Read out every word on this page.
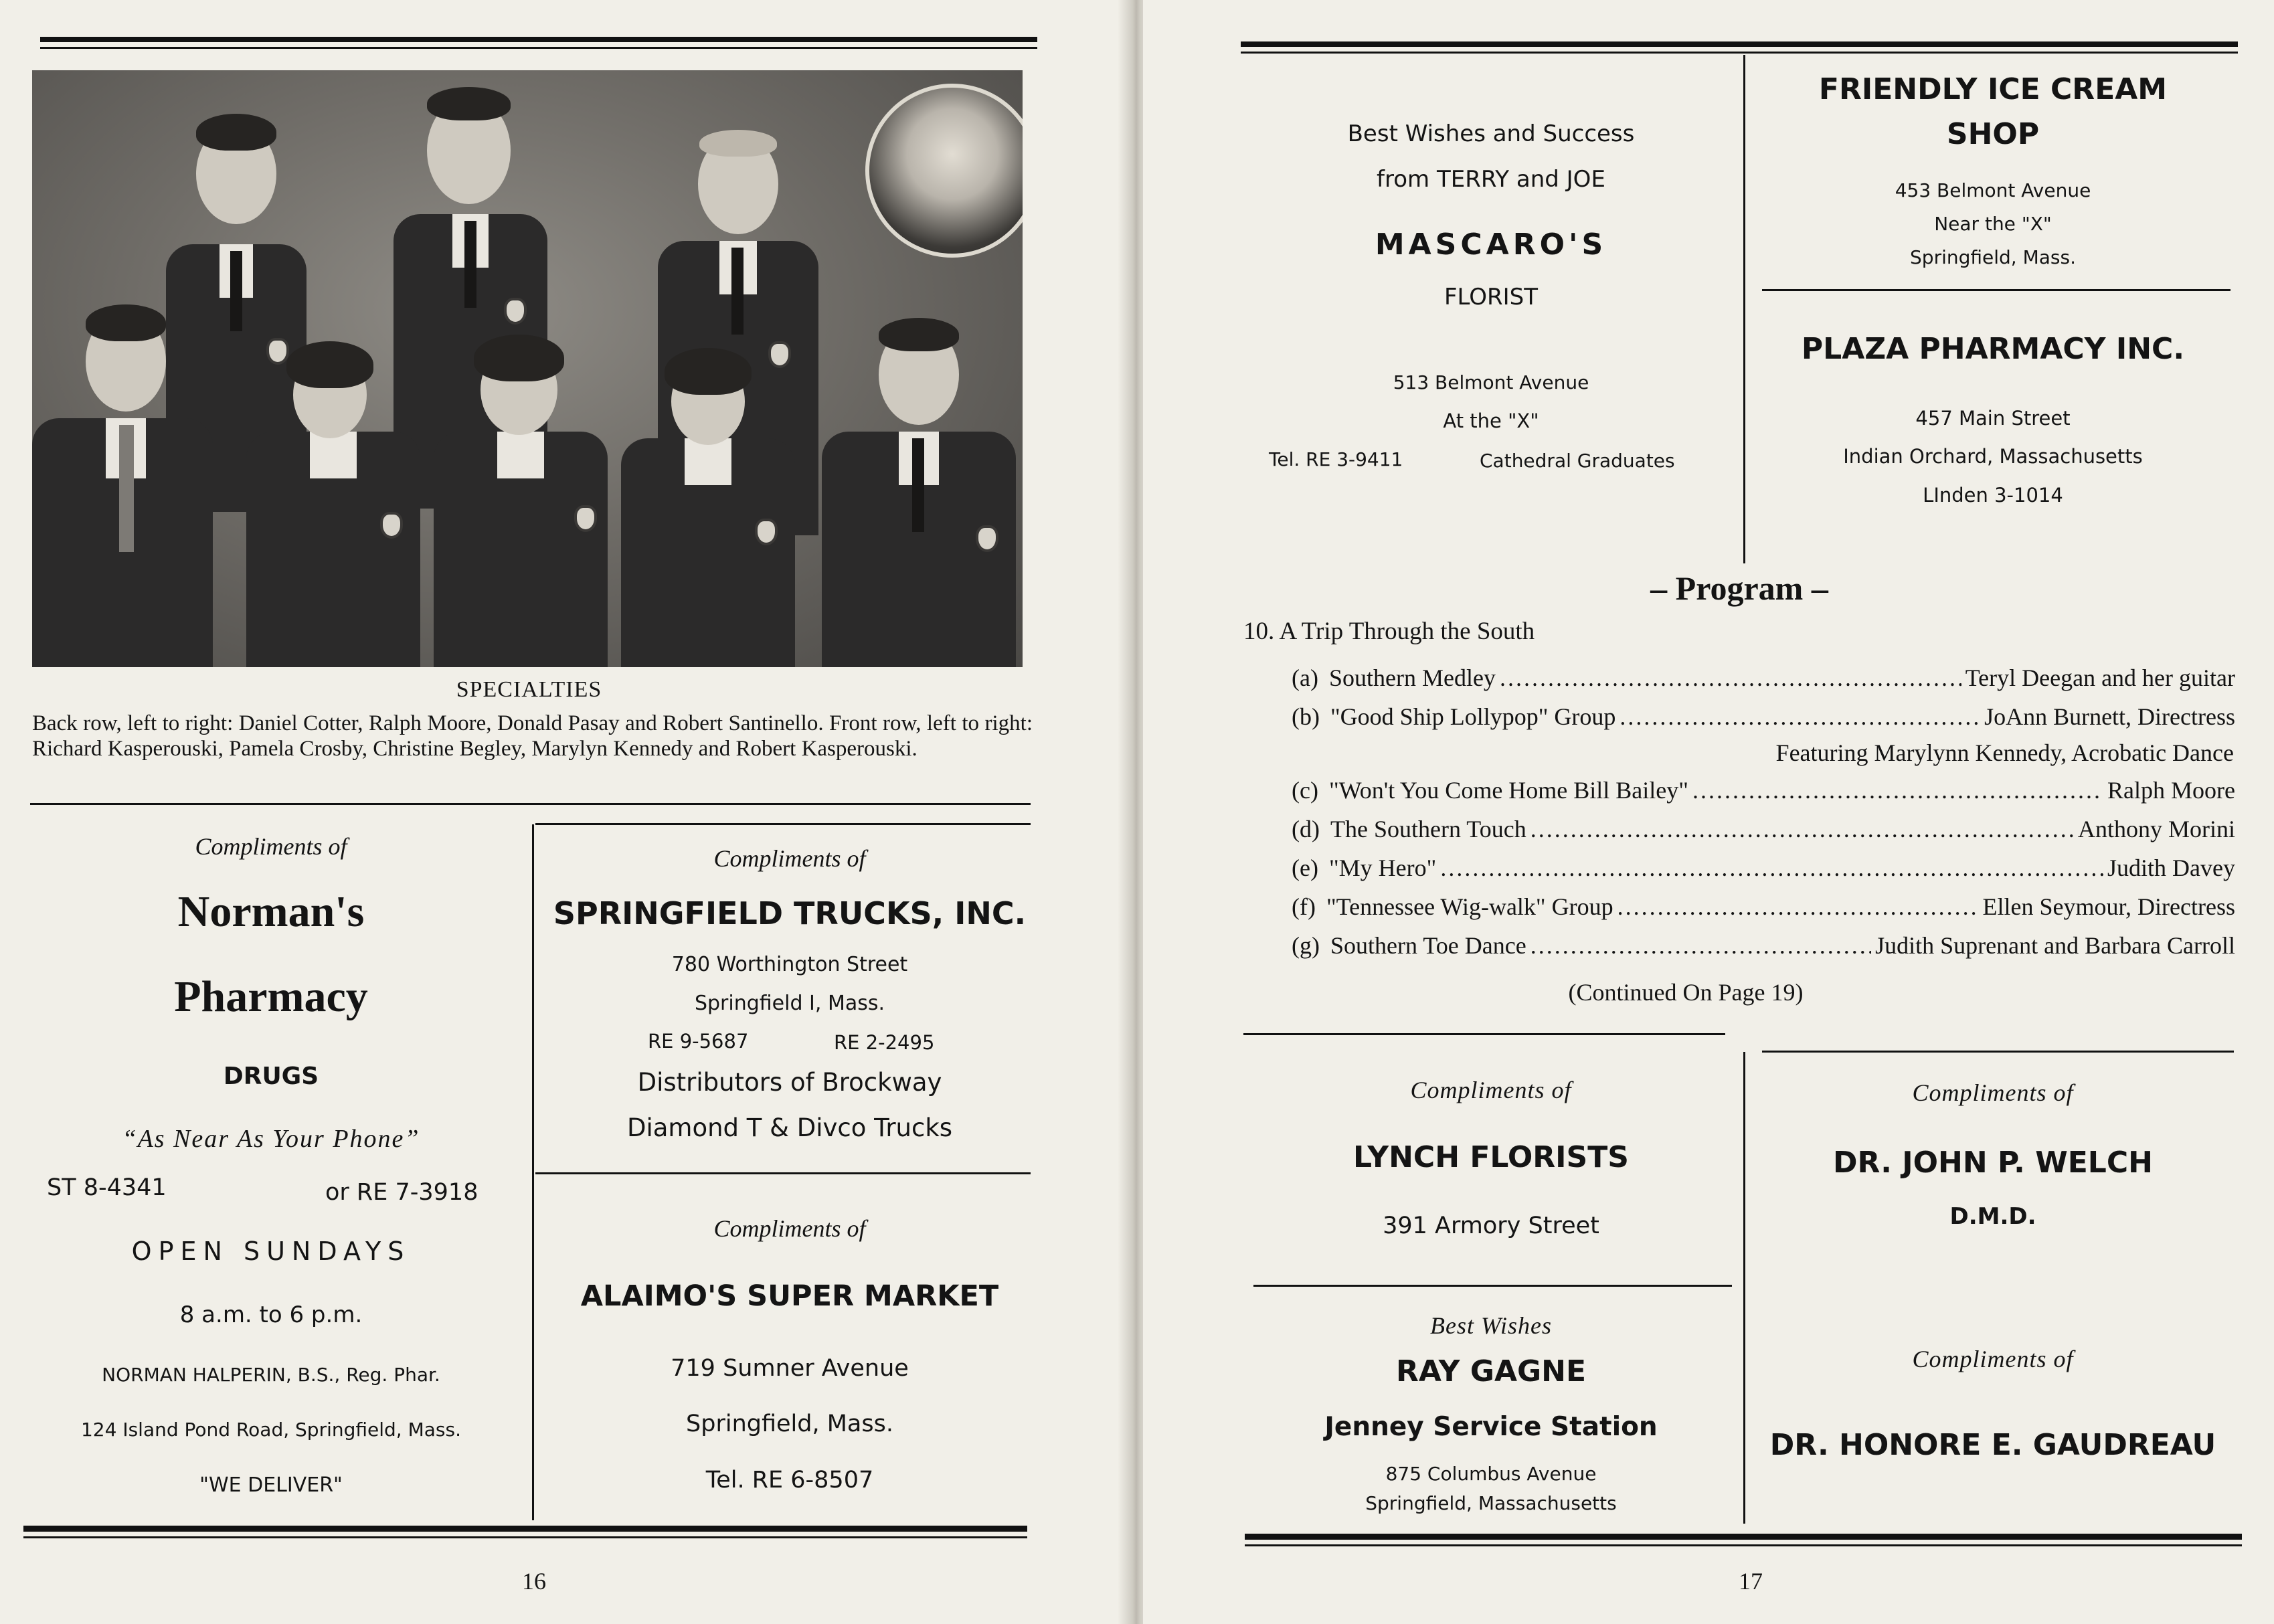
SPECIALTIES
Back row, left to right: Daniel Cotter, Ralph Moore, Donald Pasay and Robert Santinello. Front row, left to right: Richard Kasperouski, Pamela Crosby, Christine Begley, Marylyn Kennedy and Robert Kasperouski.
Compliments of
Norman's
Pharmacy
DRUGS
“As Near As Your Phone”
ST 8-4341	or RE 7-3918
OPEN SUNDAYS
8 a.m. to 6 p.m.
NORMAN HALPERIN, B.S., Reg. Phar.
124 Island Pond Road, Springfield, Mass.
"WE DELIVER"
Compliments of
SPRINGFIELD TRUCKS, INC.
780 Worthington Street
Springfield I, Mass.
RE 9-5687	RE 2-2495
Distributors of Brockway
Diamond T & Divco Trucks
Compliments of
ALAIMO'S SUPER MARKET
719 Sumner Avenue
Springfield, Mass.
Tel. RE 6-8507
16
Best Wishes and Success
from TERRY and JOE
MASCARO'S
FLORIST
513 Belmont Avenue
At the "X"
Tel. RE 3-9411	Cathedral Graduates
FRIENDLY ICE CREAM
SHOP
453 Belmont Avenue
Near the "X"
Springfield, Mass.
PLAZA PHARMACY INC.
457 Main Street
Indian Orchard, Massachusetts
LInden 3-1014
– Program –
10. A Trip Through the South
(a) Southern Medley .....	Teryl Deegan and her guitar
(b) "Good Ship Lollypop" Group .....	JoAnn Burnett, Directress
Featuring Marylynn Kennedy, Acrobatic Dance
(c) "Won't You Come Home Bill Bailey" .....	Ralph Moore
(d) The Southern Touch .....	Anthony Morini
(e) "My Hero" .....	Judith Davey
(f) "Tennessee Wig-walk" Group .....	Ellen Seymour, Directress
(g) Southern Toe Dance .....	Judith Suprenant and Barbara Carroll
(Continued On Page 19)
Compliments of
LYNCH FLORISTS
391 Armory Street
Compliments of
DR. JOHN P. WELCH
D.M.D.
Best Wishes
RAY GAGNE
Jenney Service Station
875 Columbus Avenue
Springfield, Massachusetts
Compliments of
DR. HONORE E. GAUDREAU
17
